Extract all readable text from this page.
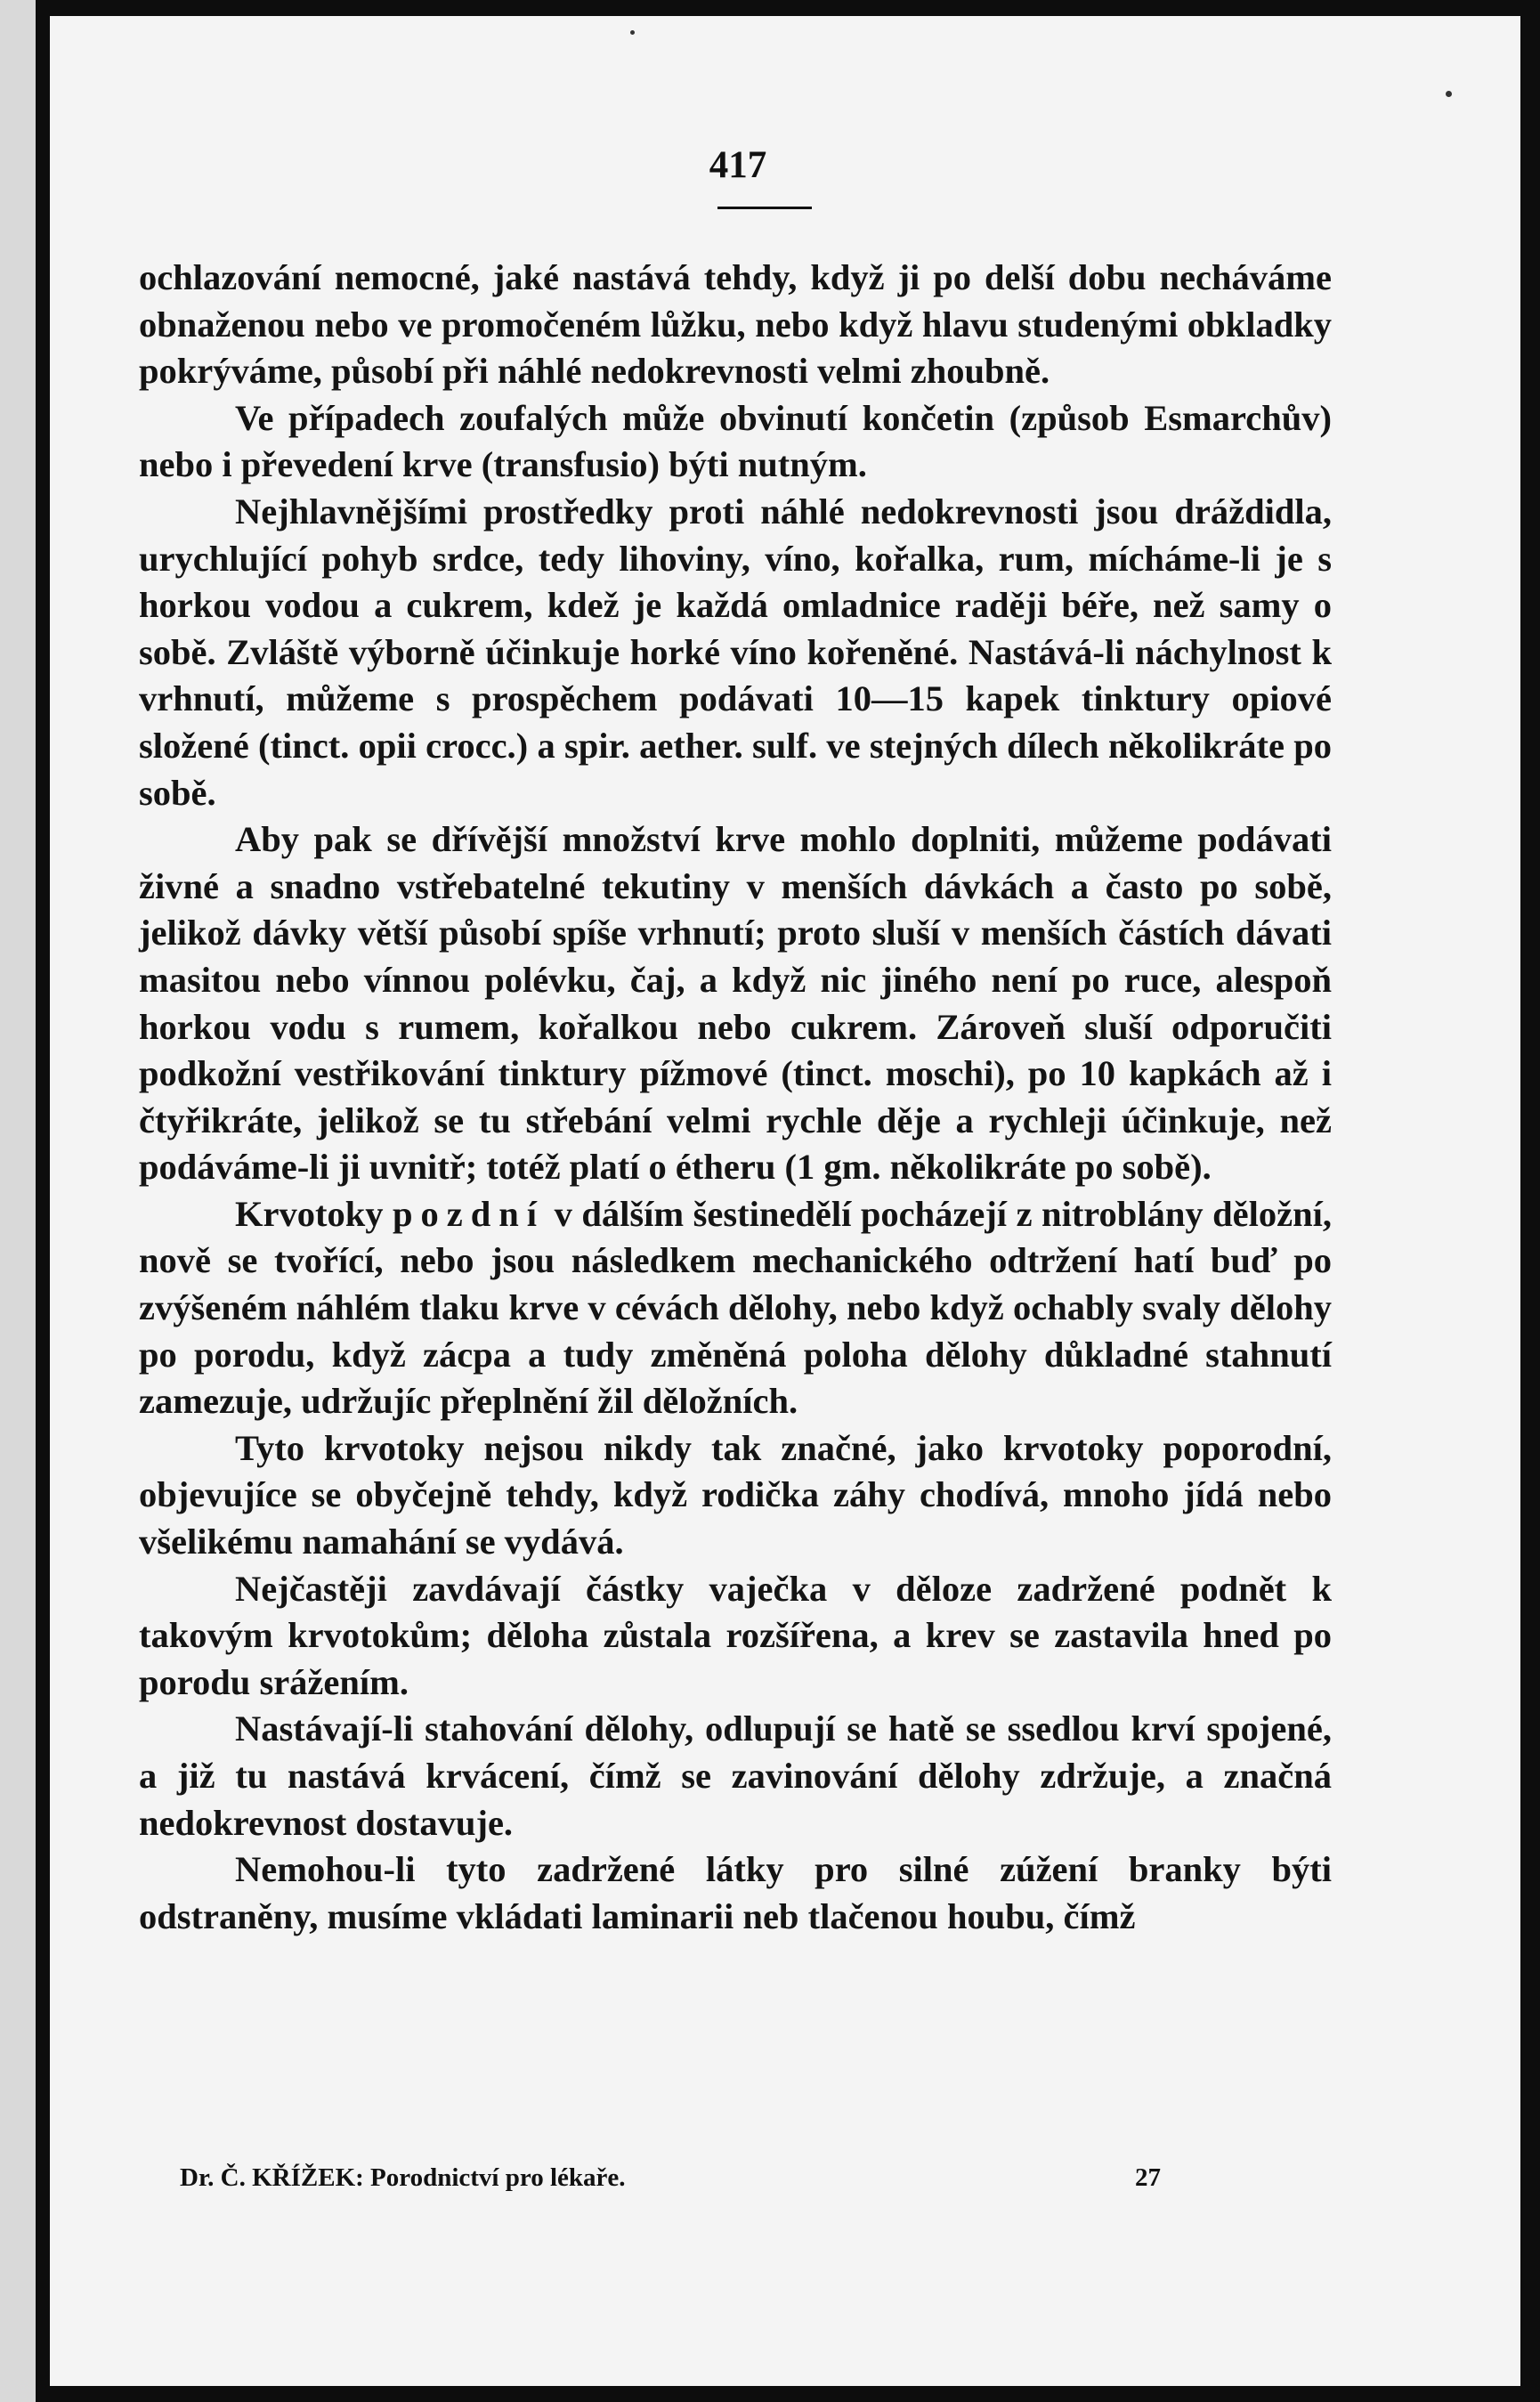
417

ochlazování nemocné, jaké nastává tehdy, když ji po delší dobu necháváme obnaženou nebo ve promočeném lůžku, nebo když hlavu studenými obkladky pokrýváme, působí při náhlé nedokrevnosti velmi zhoubně.

Ve případech zoufalých může obvinutí končetin (způsob Esmarchův) nebo i převedení krve (transfusio) býti nutným.

Nejhlavnějšími prostředky proti náhlé nedokrevnosti jsou dráždidla, urychlující pohyb srdce, tedy lihoviny, víno, kořalka, rum, mícháme-li je s horkou vodou a cukrem, kdež je každá omladnice raději béře, než samy o sobě. Zvláště výborně účinkuje horké víno kořeněné. Nastává-li náchylnost k vrhnutí, můžeme s prospěchem podávati 10—15 kapek tinktury opiové složené (tinct. opii crocc.) a spir. aether. sulf. ve stejných dílech několikráte po sobě.

Aby pak se dřívější množství krve mohlo doplniti, můžeme podávati živné a snadno vstřebatelné tekutiny v menších dávkách a často po sobě, jelikož dávky větší působí spíše vrhnutí; proto sluší v menších částích dávati masitou nebo vínnou polévku, čaj, a když nic jiného není po ruce, alespoň horkou vodu s rumem, kořalkou nebo cukrem. Zároveň sluší odporučiti podkožní vestřikování tinktury pížmové (tinct. moschi), po 10 kapkách až i čtyřikráte, jelikož se tu střebání velmi rychle děje a rychleji účinkuje, než podáváme-li ji uvnitř; totéž platí o étheru (1 gm. několikráte po sobě).

Krvotoky pozdní v dálším šestinedělí pocházejí z nitroblány děložní, nově se tvořící, nebo jsou následkem mechanického odtržení hatí buď po zvýšeném náhlém tlaku krve v cévách dělohy, nebo když ochably svaly dělohy po porodu, když zácpa a tudy změněná poloha dělohy důkladné stahnutí zamezuje, udržujíc přeplnění žil děložních.

Tyto krvotoky nejsou nikdy tak značné, jako krvotoky poporodní, objevujíce se obyčejně tehdy, když rodička záhy chodívá, mnoho jídá nebo všelikému namahání se vydává.

Nejčastěji zavdávají částky vaječka v děloze zadržené podnět k takovým krvotokům; děloha zůstala rozšířena, a krev se zastavila hned po porodu srážením.

Nastávají-li stahování dělohy, odlupují se hatě se ssedlou krví spojené, a již tu nastává krvácení, čímž se zavinování dělohy zdržuje, a značná nedokrevnost dostavuje.

Nemohou-li tyto zadržené látky pro silné zúžení branky býti odstraněny, musíme vkládati laminarii neb tlačenou houbu, čímž

Dr. Č. KŘÍŽEK: Porodnictví pro lékaře.	27
